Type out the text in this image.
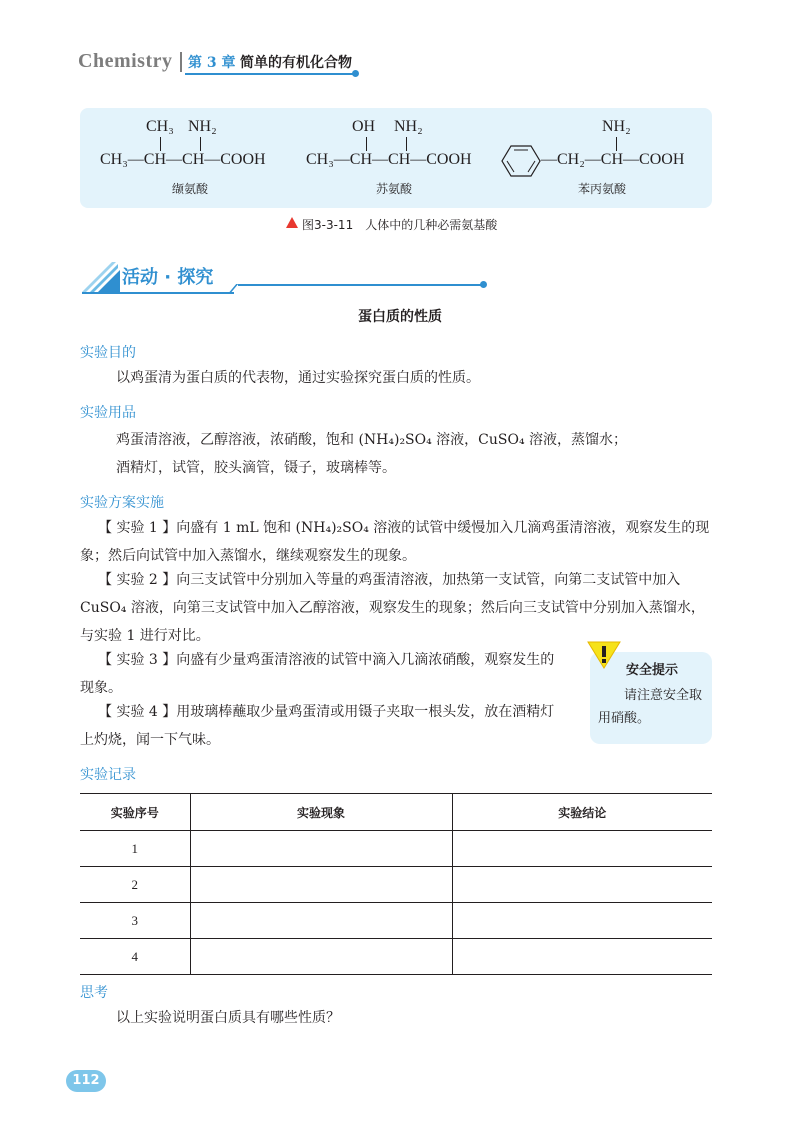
Chemistry 第 3 章 简单的有机化合物
CH₃ NH₂
CH₃—CH—CH—COOH
缬氨酸
OH NH₂
CH₃—CH—CH—COOH
苏氨酸
NH₂
—CH₂—CH—COOH
苯丙氨酸
图3-3-11　人体中的几种必需氨基酸
活动 · 探究
蛋白质的性质
实验目的
以鸡蛋清为蛋白质的代表物，通过实验探究蛋白质的性质。
实验用品
鸡蛋清溶液，乙醇溶液，浓硝酸，饱和 (NH₄)₂SO₄ 溶液，CuSO₄ 溶液，蒸馏水；
酒精灯，试管，胶头滴管，镊子，玻璃棒等。
实验方案实施
【 实验 1 】向盛有 1 mL 饱和 (NH₄)₂SO₄ 溶液的试管中缓慢加入几滴鸡蛋清溶液，观察发生的现象；然后向试管中加入蒸馏水，继续观察发生的现象。
【 实验 2 】向三支试管中分别加入等量的鸡蛋清溶液，加热第一支试管，向第二支试管中加入 CuSO₄ 溶液，向第三支试管中加入乙醇溶液，观察发生的现象；然后向三支试管中分别加入蒸馏水，与实验 1 进行对比。
【 实验 3 】向盛有少量鸡蛋清溶液的试管中滴入几滴浓硝酸，观察发生的现象。
【 实验 4 】用玻璃棒蘸取少量鸡蛋清或用镊子夹取一根头发，放在酒精灯上灼烧，闻一下气味。
安全提示
请注意安全取用硝酸。
实验记录
实验序号	实验现象	实验结论
1		
2		
3		
4		
思考
以上实验说明蛋白质具有哪些性质？
112
